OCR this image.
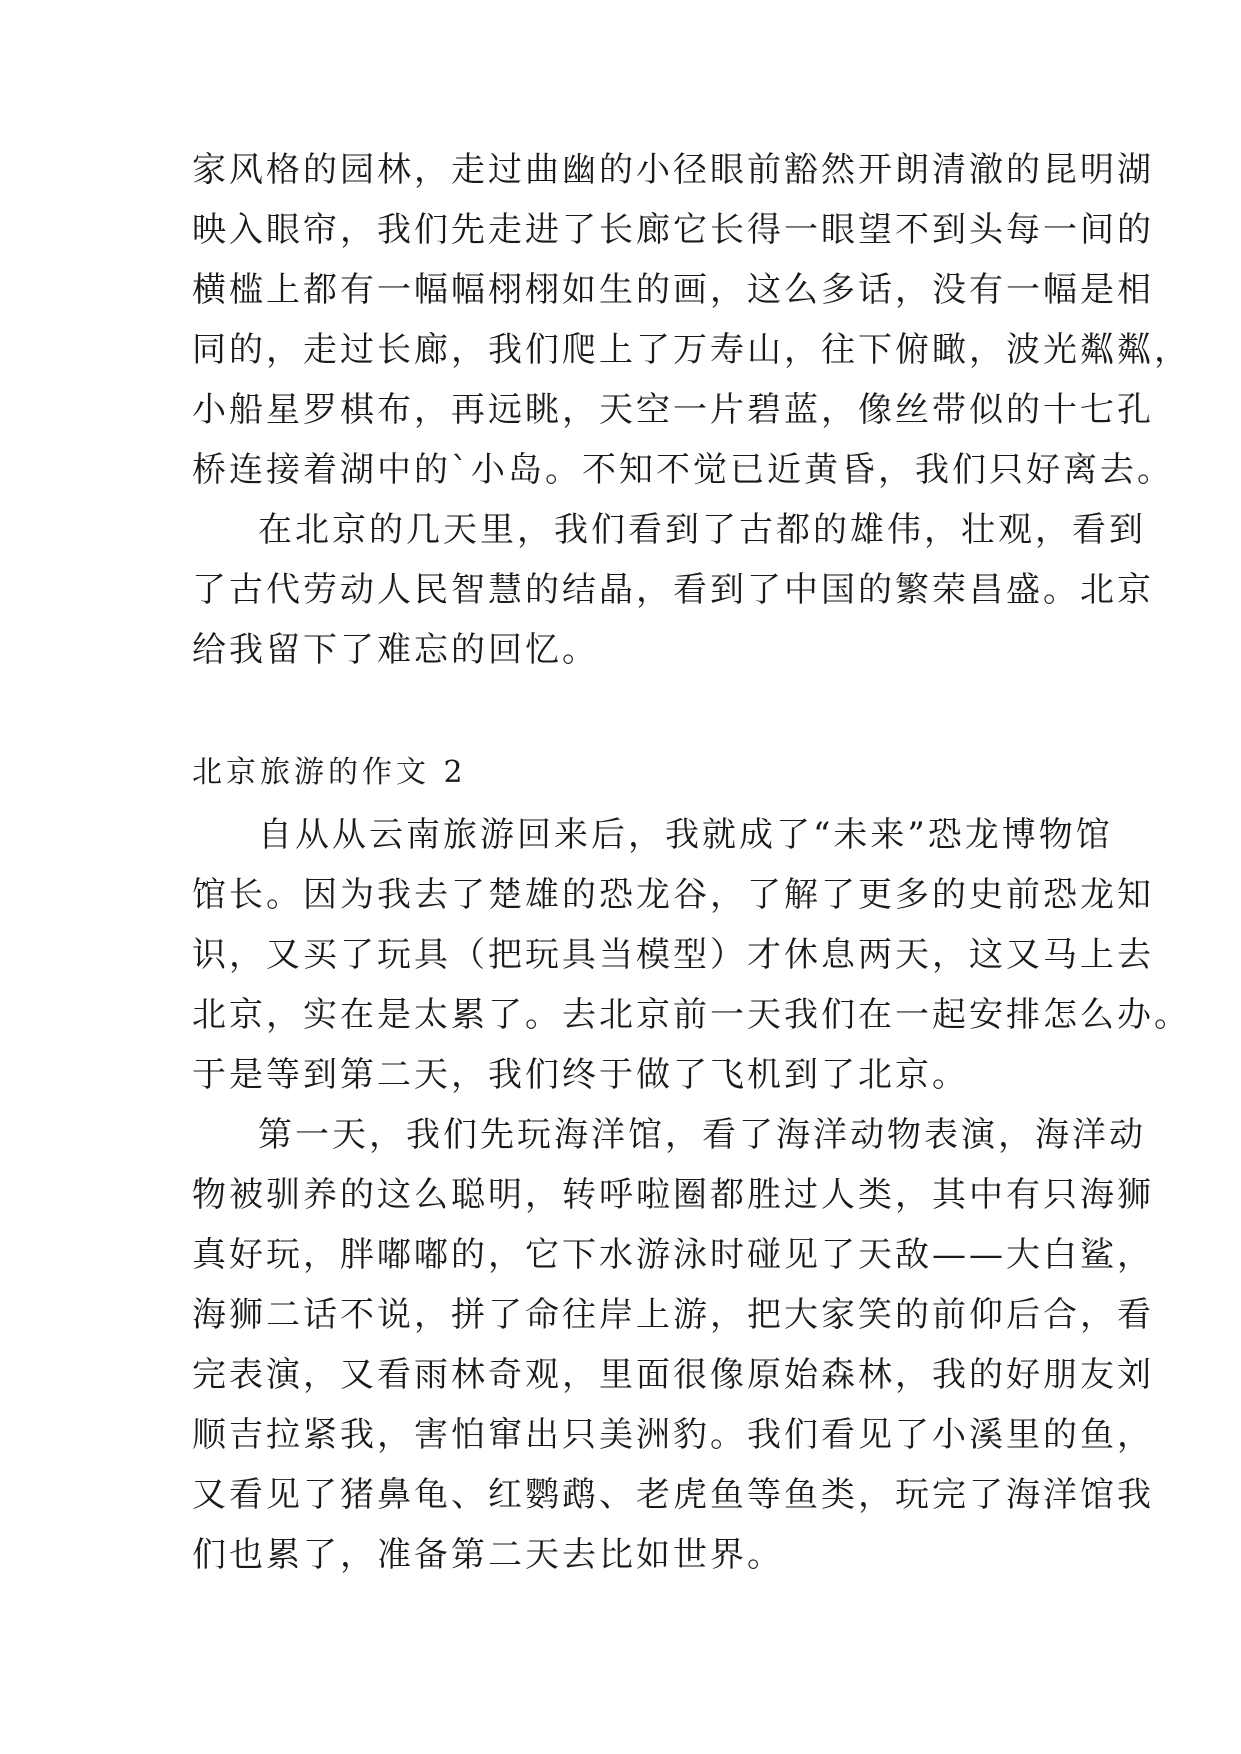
家风格的园林，走过曲幽的小径眼前豁然开朗清澈的昆明湖
映入眼帘，我们先走进了长廊它长得一眼望不到头每一间的
横槛上都有一幅幅栩栩如生的画，这么多话，没有一幅是相
同的，走过长廊，我们爬上了万寿山，往下俯瞰，波光粼粼，
小船星罗棋布，再远眺，天空一片碧蓝，像丝带似的十七孔
桥连接着湖中的`小岛。不知不觉已近黄昏，我们只好离去。
在北京的几天里，我们看到了古都的雄伟，壮观，看到
了古代劳动人民智慧的结晶，看到了中国的繁荣昌盛。北京
给我留下了难忘的回忆。
北京旅游的作文 2
自从从云南旅游回来后，我就成了“未来”恐龙博物馆
馆长。因为我去了楚雄的恐龙谷，了解了更多的史前恐龙知
识，又买了玩具（把玩具当模型）才休息两天，这又马上去
北京，实在是太累了。去北京前一天我们在一起安排怎么办。
于是等到第二天，我们终于做了飞机到了北京。
第一天，我们先玩海洋馆，看了海洋动物表演，海洋动
物被驯养的这么聪明，转呼啦圈都胜过人类，其中有只海狮
真好玩，胖嘟嘟的，它下水游泳时碰见了天敌——大白鲨，
海狮二话不说，拼了命往岸上游，把大家笑的前仰后合，看
完表演，又看雨林奇观，里面很像原始森林，我的好朋友刘
顺吉拉紧我，害怕窜出只美洲豹。我们看见了小溪里的鱼，
又看见了猪鼻龟、红鹦鹉、老虎鱼等鱼类，玩完了海洋馆我
们也累了，准备第二天去比如世界。
